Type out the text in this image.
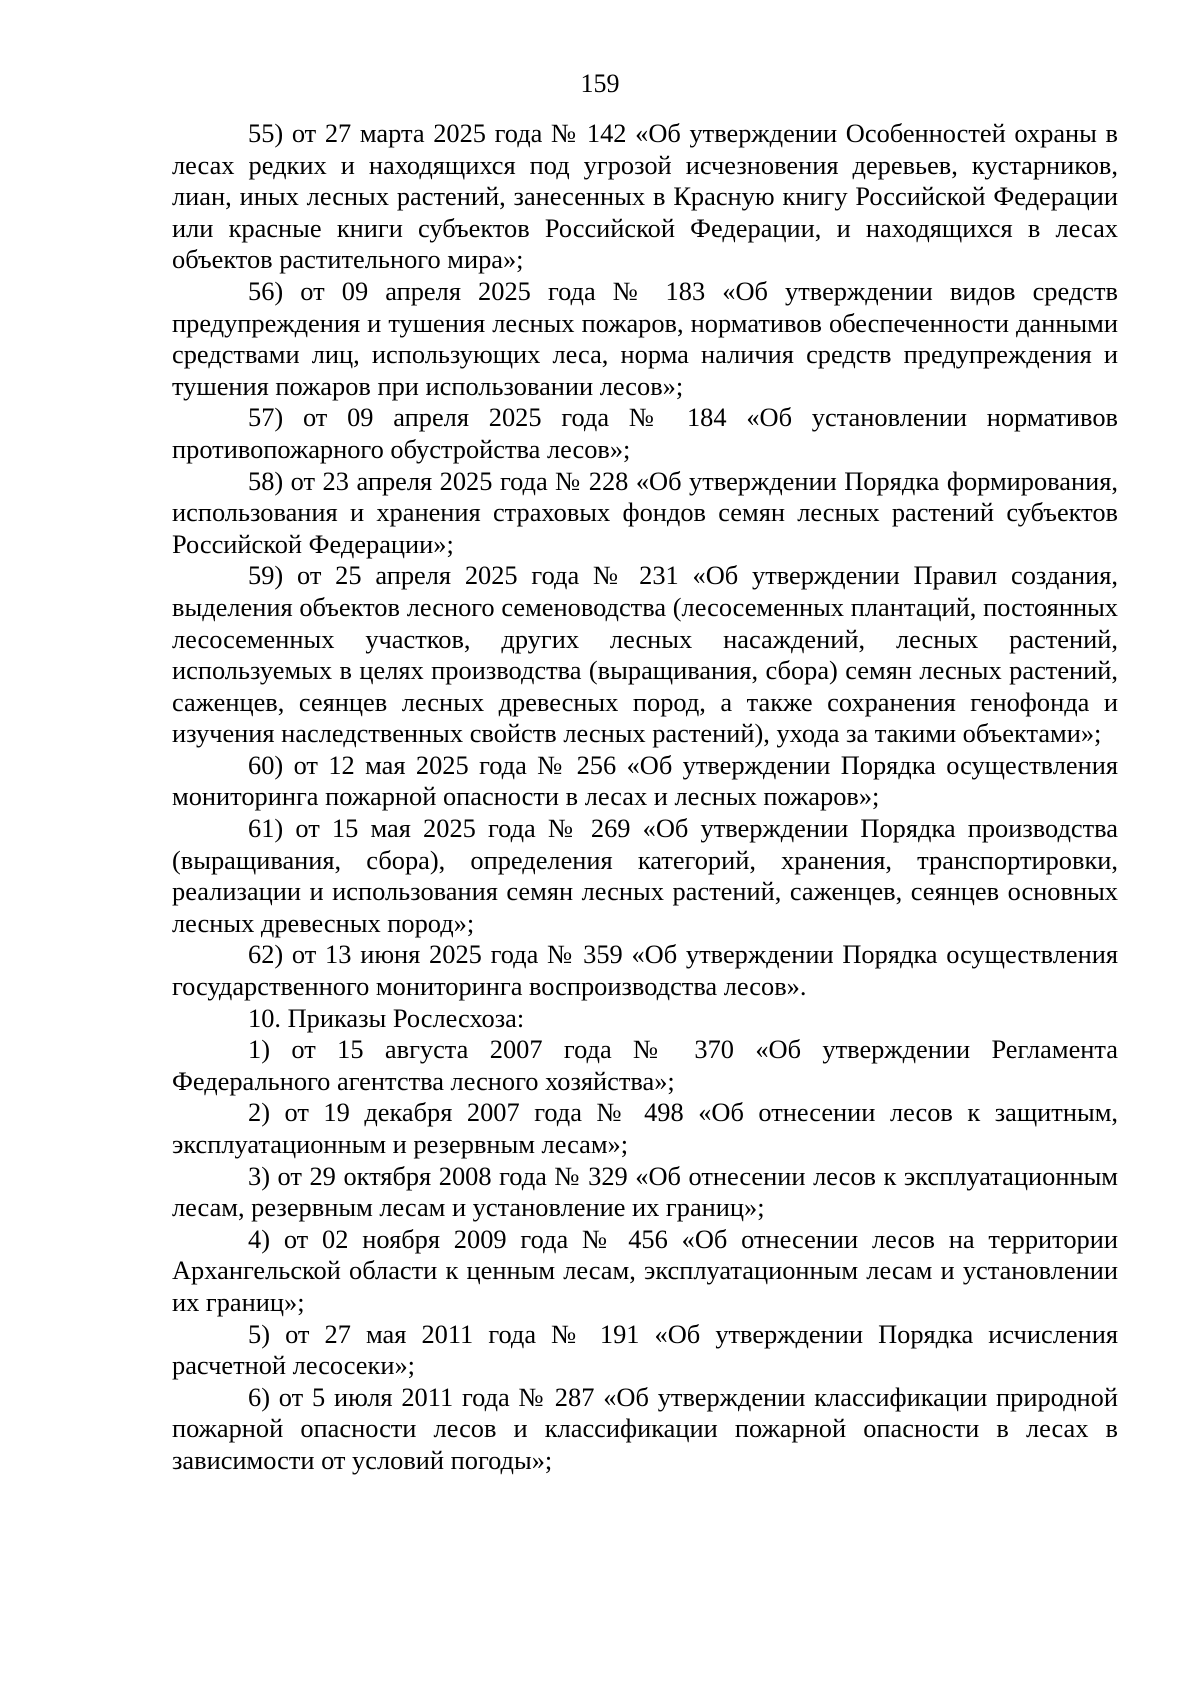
159

55) от 27 марта 2025 года № 142 «Об утверждении Особенностей охраны в лесах редких и находящихся под угрозой исчезновения деревьев, кустарников, лиан, иных лесных растений, занесенных в Красную книгу Российской Федерации или красные книги субъектов Российской Федерации, и находящихся в лесах объектов растительного мира»;

56) от 09 апреля 2025 года № 183 «Об утверждении видов средств предупреждения и тушения лесных пожаров, нормативов обеспеченности данными средствами лиц, использующих леса, норма наличия средств предупреждения и тушения пожаров при использовании лесов»;

57) от 09 апреля 2025 года № 184 «Об установлении нормативов противопожарного обустройства лесов»;

58) от 23 апреля 2025 года № 228 «Об утверждении Порядка формирования, использования и хранения страховых фондов семян лесных растений субъектов Российской Федерации»;

59) от 25 апреля 2025 года № 231 «Об утверждении Правил создания, выделения объектов лесного семеноводства (лесосеменных плантаций, постоянных лесосеменных участков, других лесных насаждений, лесных растений, используемых в целях производства (выращивания, сбора) семян лесных растений, саженцев, сеянцев лесных древесных пород, а также сохранения генофонда и изучения наследственных свойств лесных растений), ухода за такими объектами»;

60) от 12 мая 2025 года № 256 «Об утверждении Порядка осуществления мониторинга пожарной опасности в лесах и лесных пожаров»;

61) от 15 мая 2025 года № 269 «Об утверждении Порядка производства (выращивания, сбора), определения категорий, хранения, транспортировки, реализации и использования семян лесных растений, саженцев, сеянцев основных лесных древесных пород»;

62) от 13 июня 2025 года № 359 «Об утверждении Порядка осуществления государственного мониторинга воспроизводства лесов».

10. Приказы Рослесхоза:

1) от 15 августа 2007 года № 370 «Об утверждении Регламента Федерального агентства лесного хозяйства»;

2) от 19 декабря 2007 года № 498 «Об отнесении лесов к защитным, эксплуатационным и резервным лесам»;

3) от 29 октября 2008 года № 329 «Об отнесении лесов к эксплуатационным лесам, резервным лесам и установление их границ»;

4) от 02 ноября 2009 года № 456 «Об отнесении лесов на территории Архангельской области к ценным лесам, эксплуатационным лесам и установлении их границ»;

5) от 27 мая 2011 года № 191 «Об утверждении Порядка исчисления расчетной лесосеки»;

6) от 5 июля 2011 года № 287 «Об утверждении классификации природной пожарной опасности лесов и классификации пожарной опасности в лесах в зависимости от условий погоды»;
